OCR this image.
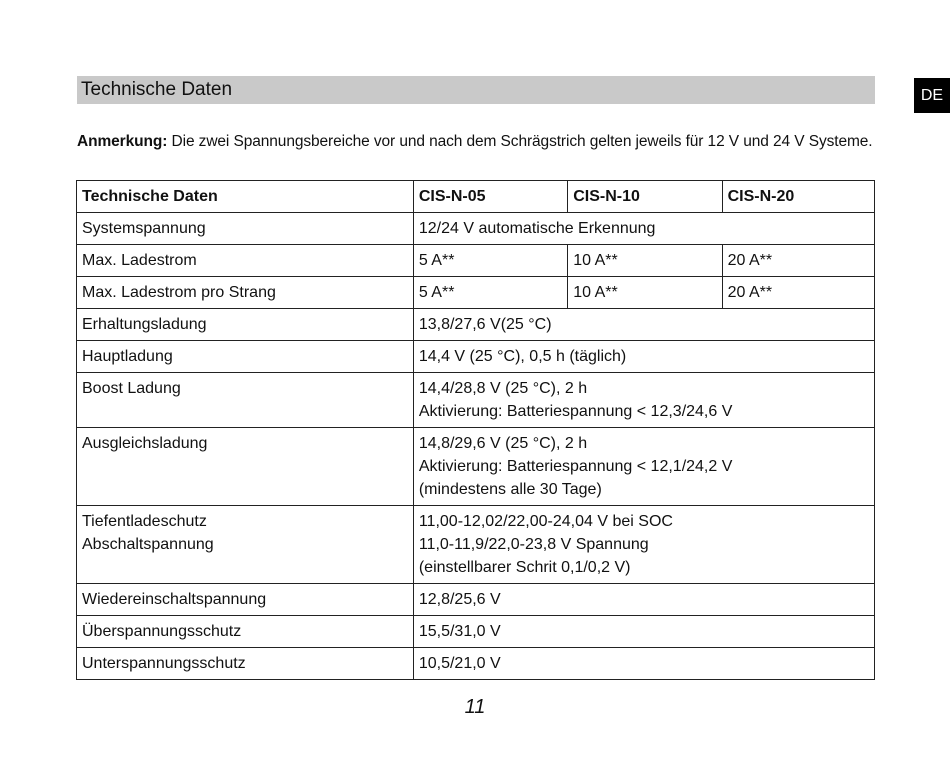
DE
Technische Daten
Anmerkung: Die zwei Spannungsbereiche vor und nach dem Schrägstrich gelten jeweils für 12 V und 24 V Systeme.
Technische Daten	CIS-N-05	CIS-N-10	CIS-N-20
Systemspannung	12/24 V automatische Erkennung		
Max. Ladestrom	5 A**	10 A**	20 A**
Max. Ladestrom pro Strang	5 A**	10 A**	20 A**
Erhaltungsladung	13,8/27,6 V(25 °C)		
Hauptladung	14,4 V (25 °C), 0,5 h (täglich)		
Boost Ladung	14,4/28,8 V (25 °C), 2 h
Aktivierung: Batteriespannung < 12,3/24,6 V		
Ausgleichsladung	14,8/29,6 V (25 °C), 2 h
Aktivierung: Batteriespannung < 12,1/24,2 V
(mindestens alle 30 Tage)		
Tiefentladeschutz
Abschaltspannung	11,00-12,02/22,00-24,04 V bei SOC
11,0-11,9/22,0-23,8 V Spannung
(einstellbarer Schrit 0,1/0,2 V)		
Wiedereinschaltspannung	12,8/25,6 V		
Überspannungsschutz	15,5/31,0 V		
Unterspannungsschutz	10,5/21,0 V		
11
